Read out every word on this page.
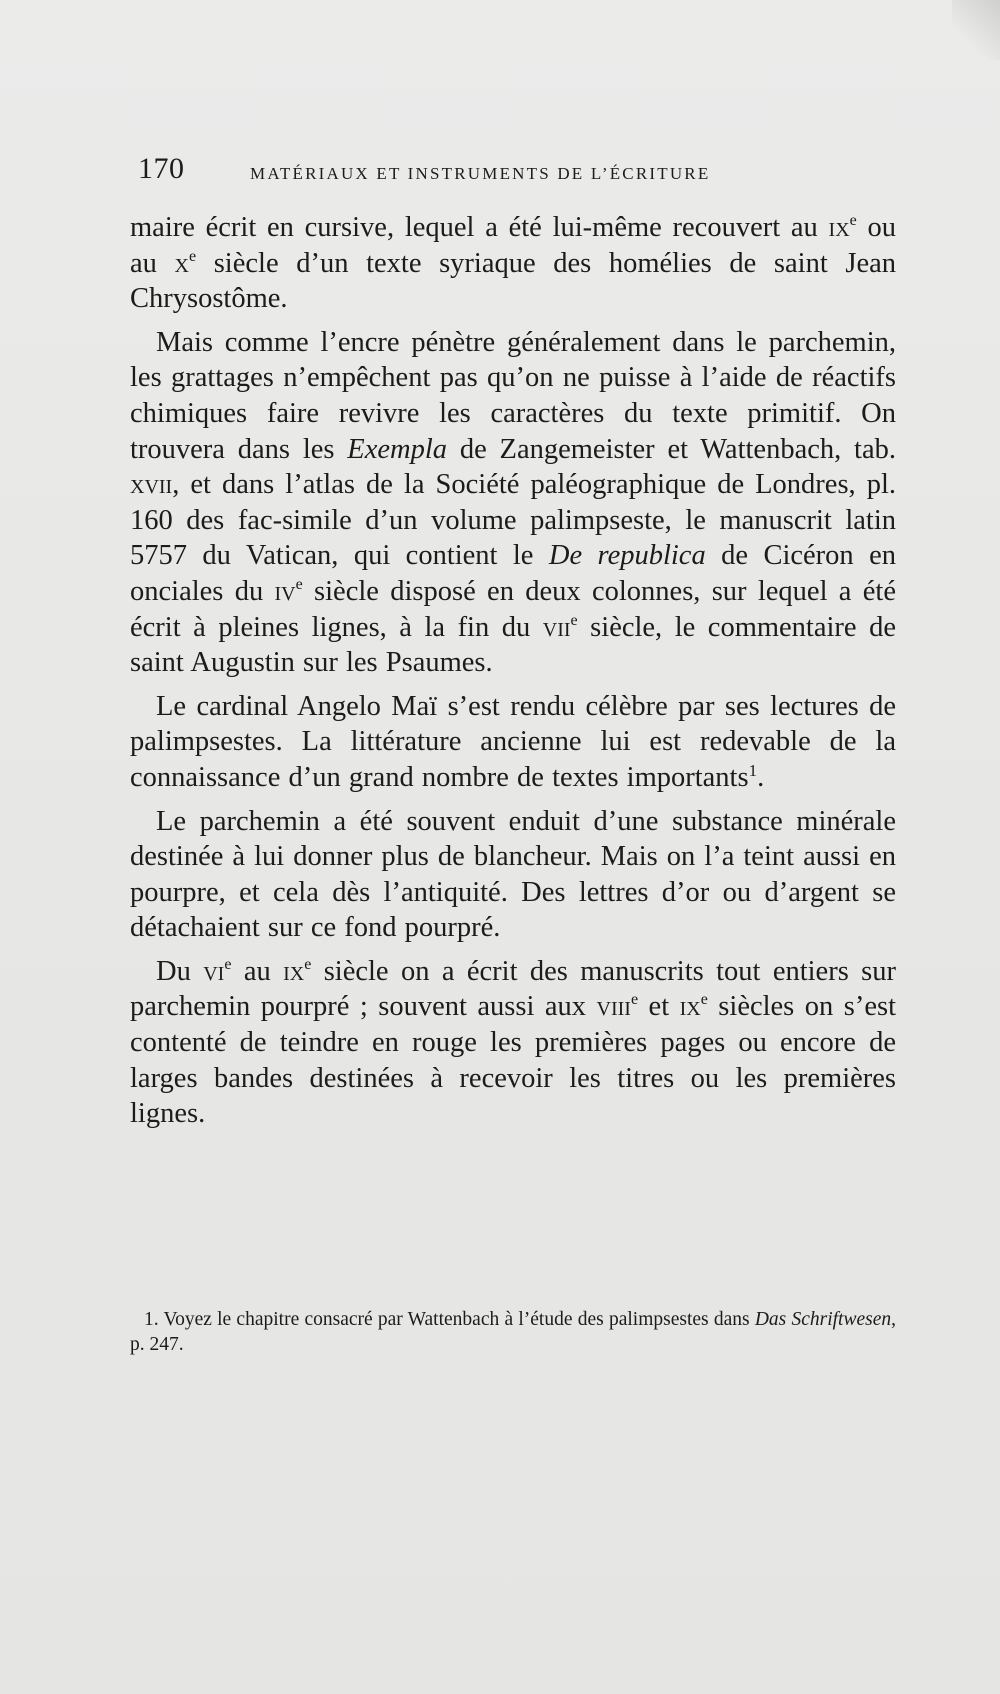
170	MATÉRIAUX ET INSTRUMENTS DE L’ÉCRITURE

maire écrit en cursive, lequel a été lui-même recouvert au $ix^e$ ou au $x^e$ siècle d’un texte syriaque des homélies de saint Jean Chrysostôme.

Mais comme l’encre pénètre généralement dans le parchemin, les grattages n’empêchent pas qu’on ne puisse à l’aide de réactifs chimiques faire revivre les caractères du texte primitif. On trouvera dans les Exempla de Zangemeister et Wattenbach, tab. xvii, et dans l’atlas de la Société paléographique de Londres, pl. 160 des fac-simile d’un volume palimpseste, le manuscrit latin 5757 du Vatican, qui contient le De republica de Cicéron en onciales du $iv^e$ siècle disposé en deux colonnes, sur lequel a été écrit à pleines lignes, à la fin du vii$^e$ siècle, le commentaire de saint Augustin sur les Psaumes.

Le cardinal Angelo Maï s’est rendu célèbre par ses lectures de palimpsestes. La littérature ancienne lui est redevable de la connaissance d’un grand nombre de textes importants$^1$.

Le parchemin a été souvent enduit d’une substance minérale destinée à lui donner plus de blancheur. Mais on l’a teint aussi en pourpre, et cela dès l’antiquité. Des lettres d’or ou d’argent se détachaient sur ce fond pourpré.

Du $vi^e$ au $ix^e$ siècle on a écrit des manuscrits tout entiers sur parchemin pourpré ; souvent aussi aux viii$^e$ et $ix^e$ siècles on s’est contenté de teindre en rouge les premières pages ou encore de larges bandes destinées à recevoir les titres ou les premières lignes.

1. Voyez le chapitre consacré par Wattenbach à l’étude des palimpsestes dans Das Schriftwesen, p. 247.
